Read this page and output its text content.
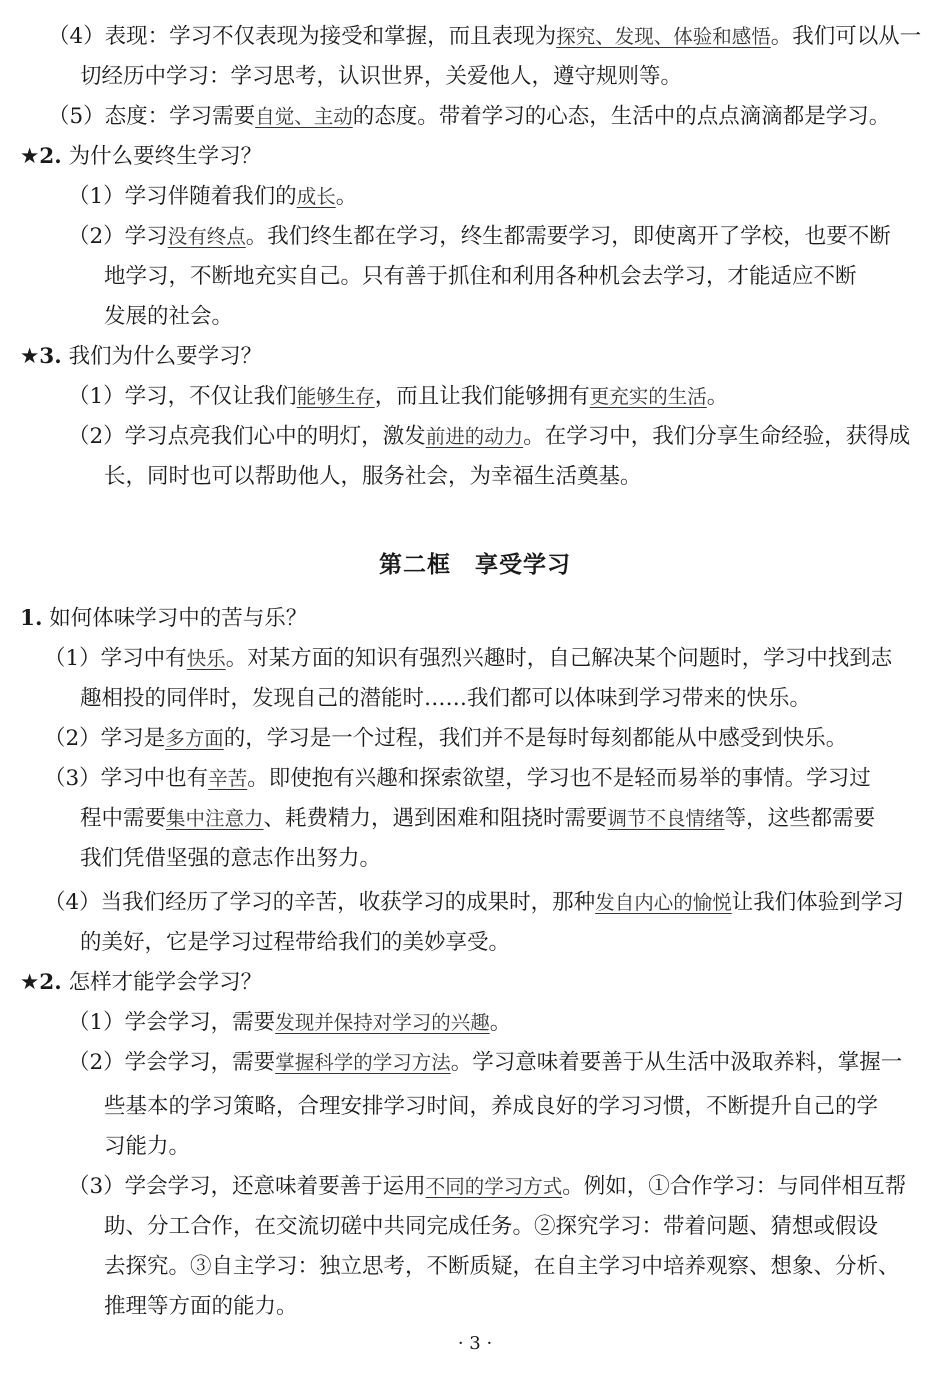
第二框　享受学习
（4）表现：学习不仅表现为接受和掌握，而且表现为探究、发现、体验和感悟。我们可以从一
切经历中学习：学习思考，认识世界，关爱他人，遵守规则等。
（5）态度：学习需要自觉、主动的态度。带着学习的心态，生活中的点点滴滴都是学习。
★2. 为什么要终生学习？
（1）学习伴随着我们的成长。
（2）学习没有终点。我们终生都在学习，终生都需要学习，即使离开了学校，也要不断
地学习，不断地充实自己。只有善于抓住和利用各种机会去学习，才能适应不断
发展的社会。
★3. 我们为什么要学习？
（1）学习，不仅让我们能够生存，而且让我们能够拥有更充实的生活。
（2）学习点亮我们心中的明灯，激发前进的动力。在学习中，我们分享生命经验，获得成
长，同时也可以帮助他人，服务社会，为幸福生活奠基。
1. 如何体味学习中的苦与乐？
（1）学习中有快乐。对某方面的知识有强烈兴趣时，自己解决某个问题时，学习中找到志
趣相投的同伴时，发现自己的潜能时……我们都可以体味到学习带来的快乐。
（2）学习是多方面的，学习是一个过程，我们并不是每时每刻都能从中感受到快乐。
（3）学习中也有辛苦。即使抱有兴趣和探索欲望，学习也不是轻而易举的事情。学习过
程中需要集中注意力、耗费精力，遇到困难和阻挠时需要调节不良情绪等，这些都需要
我们凭借坚强的意志作出努力。
（4）当我们经历了学习的辛苦，收获学习的成果时，那种发自内心的愉悦让我们体验到学习
的美好，它是学习过程带给我们的美妙享受。
★2. 怎样才能学会学习？
（1）学会学习，需要发现并保持对学习的兴趣。
（2）学会学习，需要掌握科学的学习方法。学习意味着要善于从生活中汲取养料，掌握一
些基本的学习策略，合理安排学习时间，养成良好的学习习惯，不断提升自己的学
习能力。
（3）学会学习，还意味着要善于运用不同的学习方式。例如，①合作学习：与同伴相互帮
助、分工合作，在交流切磋中共同完成任务。②探究学习：带着问题、猜想或假设
去探究。③自主学习：独立思考，不断质疑，在自主学习中培养观察、想象、分析、
推理等方面的能力。
· 3 ·
